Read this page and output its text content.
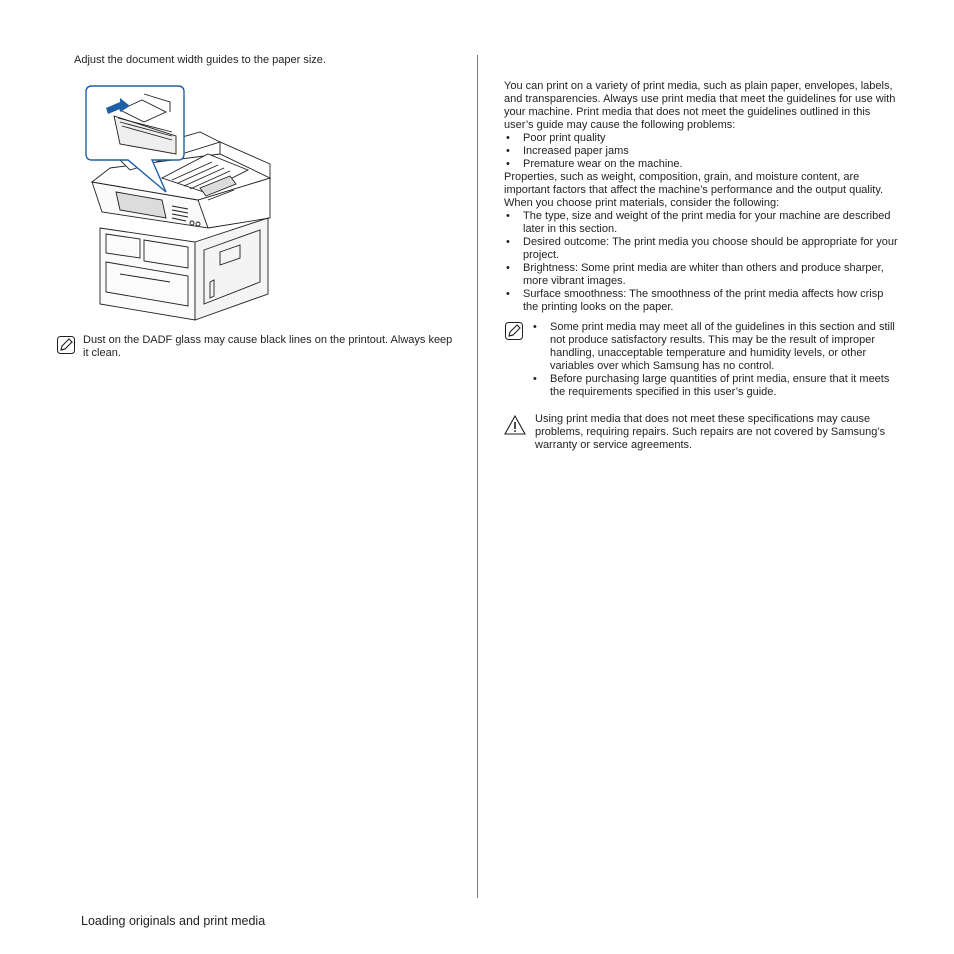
Adjust the document width guides to the paper size.

Dust on the DADF glass may cause black lines on the printout. Always keep it clean.

You can print on a variety of print media, such as plain paper, envelopes, labels, and transparencies. Always use print media that meet the guidelines for use with your machine. Print media that does not meet the guidelines outlined in this user’s guide may cause the following problems:

• Poor print quality
• Increased paper jams
• Premature wear on the machine.

Properties, such as weight, composition, grain, and moisture content, are important factors that affect the machine’s performance and the output quality. When you choose print materials, consider the following:

• The type, size and weight of the print media for your machine are described later in this section.
• Desired outcome: The print media you choose should be appropriate for your project.
• Brightness: Some print media are whiter than others and produce sharper, more vibrant images.
• Surface smoothness: The smoothness of the print media affects how crisp the printing looks on the paper.
• Some print media may meet all of the guidelines in this section and still not produce satisfactory results. This may be the result of improper handling, unacceptable temperature and humidity levels, or other variables over which Samsung has no control.
• Before purchasing large quantities of print media, ensure that it meets the requirements specified in this user’s guide.

Using print media that does not meet these specifications may cause problems, requiring repairs. Such repairs are not covered by Samsung’s warranty or service agreements.

Loading originals and print media
